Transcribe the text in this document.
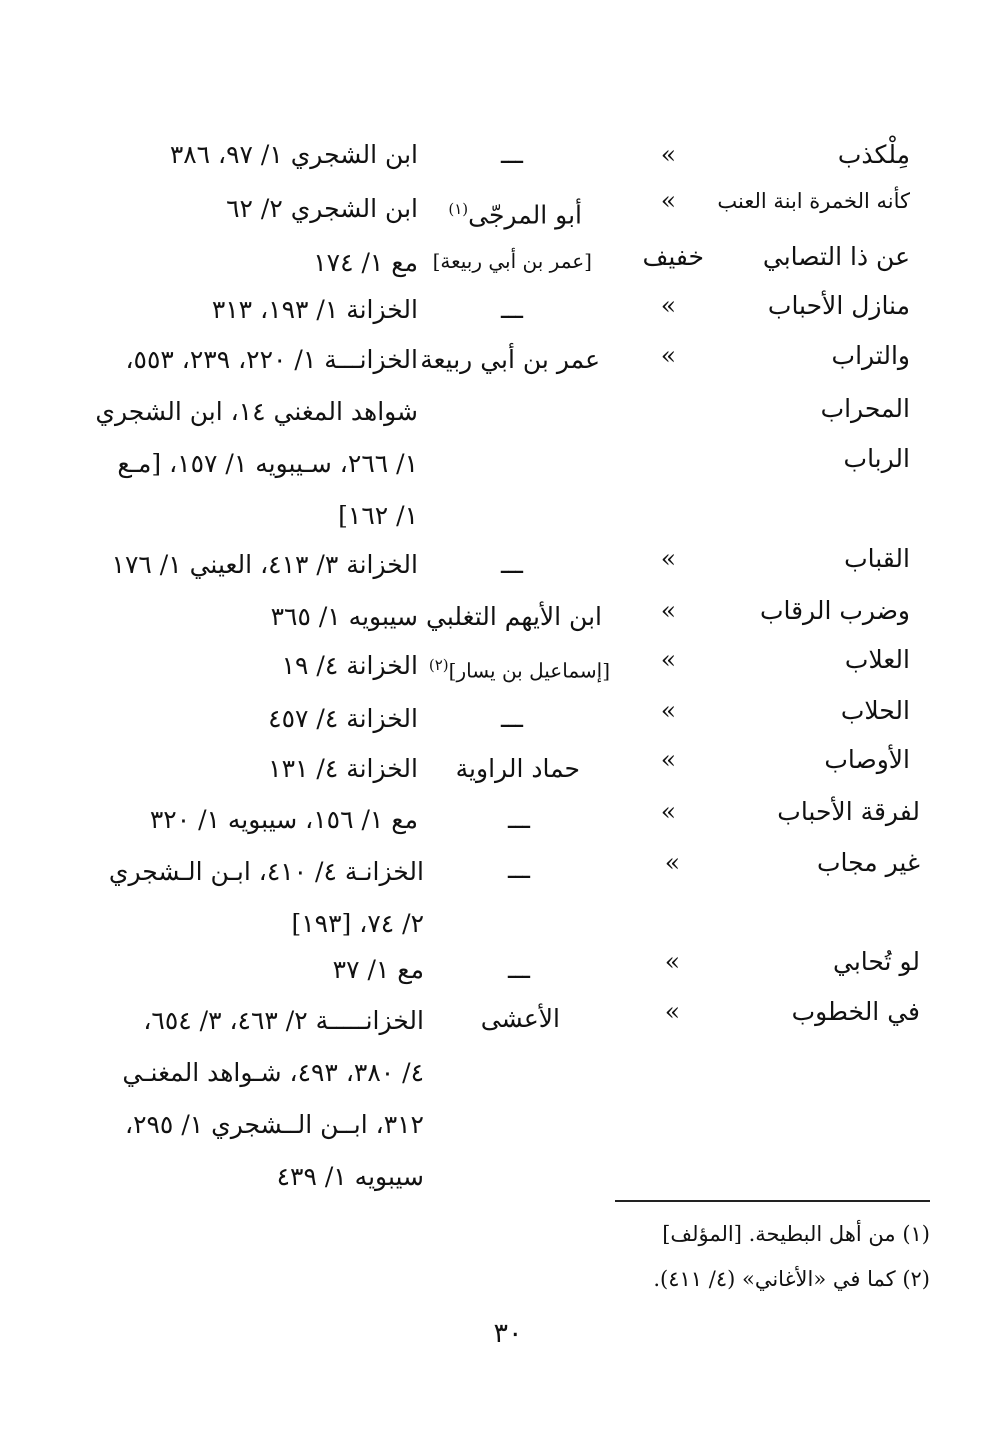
مِلْكذب
»
ـــ
ابن الشجري ١/ ٩٧، ٣٨٦
كأنه الخمرة ابنة العنب
»
أبو المرجّى$^{(١)}$
ابن الشجري ٢/ ٦٢
عن ذا التصابي
خفيف
[عمر بن أبي ربيعة]
مع ١/ ١٧٤
منازل الأحباب
»
ـــ
الخزانة ١/ ١٩٣، ٣١٣
والتراب
»
عمر بن أبي ربيعة
الخزانـــة ١/ ٢٢٠، ٢٣٩، ٥٥٣،
شواهد المغني ١٤، ابن الشجري
١/ ٢٦٦، سـيبويه ١/ ١٥٧، [مـع
١/ ١٦٢]
المحراب
الرباب
القباب
»
ـــ
الخزانة ٣/ ٤١٣، العيني ١/ ١٧٦
وضرب الرقاب
»
ابن الأيهم التغلبي
سيبويه ١/ ٣٦٥
العلاب
»
[إسماعيل بن يسار]$^{(٢)}$
الخزانة ٤/ ١٩
الحلاب
»
ـــ
الخزانة ٤/ ٤٥٧
الأوصاب
»
حماد الراوية
الخزانة ٤/ ١٣١
لفرقة الأحباب
»
ـــ
مع ١/ ١٥٦، سيبويه ١/ ٣٢٠
غير مجاب
»
ـــ
الخزانـة ٤/ ٤١٠، ابـن الـشجري
٢/ ٧٤، [١٩٣]
لو تُحابي
»
ـــ
مع ١/ ٣٧
في الخطوب
»
الأعشى
الخزانـــــة ٢/ ٤٦٣، ٣/ ٦٥٤،
٤/ ٣٨٠، ٤٩٣، شـواهد المغنـي
٣١٢، ابــن الــشجري ١/ ٢٩٥،
سيبويه ١/ ٤٣٩
(١) من أهل البطيحة. [المؤلف]
(٢) كما في «الأغاني» (٤/ ٤١١).
٣٠
